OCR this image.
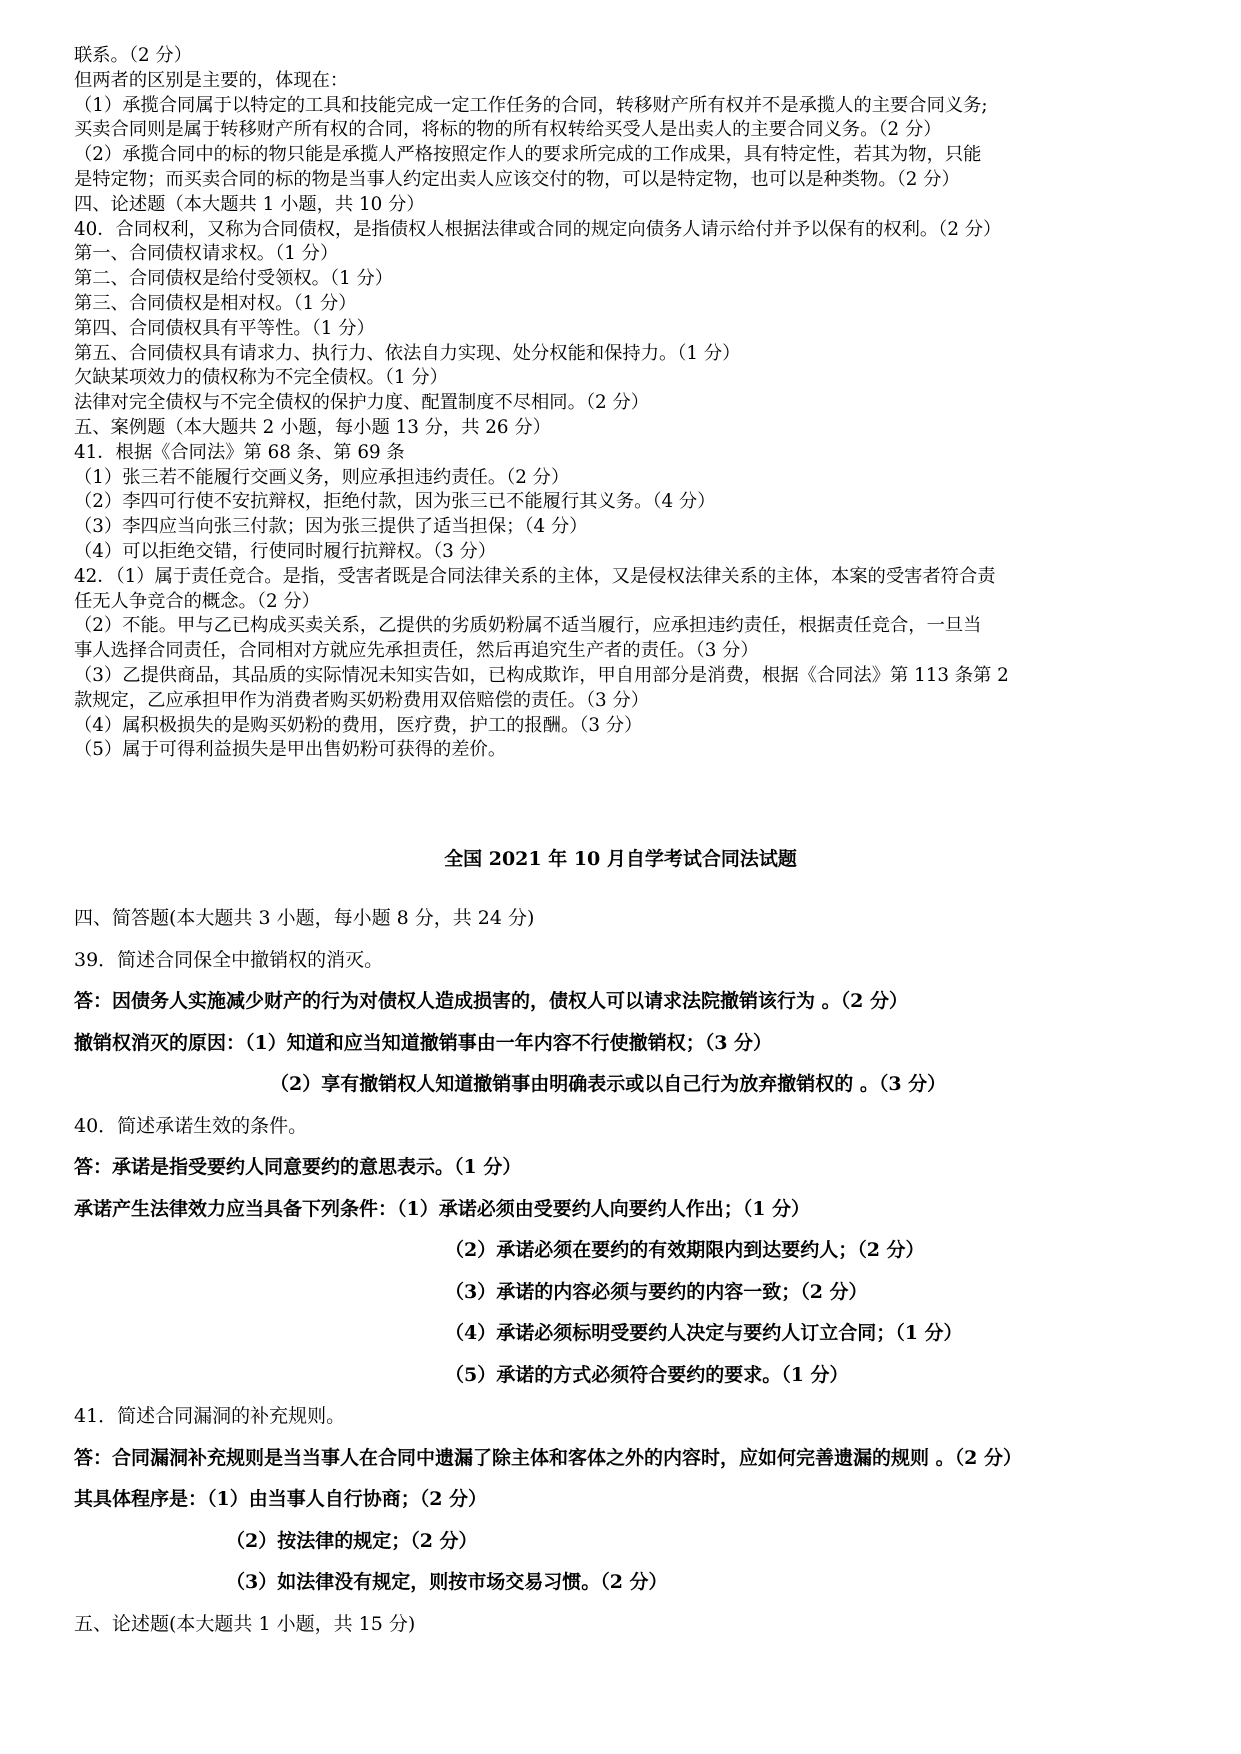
联系。（2 分）
但两者的区别是主要的，体现在：
（1）承揽合同属于以特定的工具和技能完成一定工作任务的合同，转移财产所有权并不是承揽人的主要合同义务;
买卖合同则是属于转移财产所有权的合同，将标的物的所有权转给买受人是出卖人的主要合同义务。（2 分）
（2）承揽合同中的标的物只能是承揽人严格按照定作人的要求所完成的工作成果，具有特定性，若其为物，只能
是特定物；而买卖合同的标的物是当事人约定出卖人应该交付的物，可以是特定物，也可以是种类物。（2 分）
四、论述题（本大题共 1 小题，共 10 分）
40．合同权利，又称为合同债权，是指债权人根据法律或合同的规定向债务人请示给付并予以保有的权利。（2 分）
第一、合同债权请求权。（1 分）
第二、合同债权是给付受领权。（1 分）
第三、合同债权是相对权。（1 分）
第四、合同债权具有平等性。（1 分）
第五、合同债权具有请求力、执行力、依法自力实现、处分权能和保持力。（1 分）
欠缺某项效力的债权称为不完全债权。（1 分）
法律对完全债权与不完全债权的保护力度、配置制度不尽相同。（2 分）
五、案例题（本大题共 2 小题，每小题 13 分，共 26 分）
41．根据《合同法》第 68 条、第 69 条
（1）张三若不能履行交画义务，则应承担违约责任。（2 分）
（2）李四可行使不安抗辩权，拒绝付款，因为张三已不能履行其义务。（4 分）
（3）李四应当向张三付款；因为张三提供了适当担保；（4 分）
（4）可以拒绝交错，行使同时履行抗辩权。（3 分）
42．（1）属于责任竞合。是指，受害者既是合同法律关系的主体，又是侵权法律关系的主体，本案的受害者符合责
任无人争竞合的概念。（2 分）
（2）不能。甲与乙已构成买卖关系，乙提供的劣质奶粉属不适当履行，应承担违约责任，根据责任竞合，一旦当
事人选择合同责任，合同相对方就应先承担责任，然后再追究生产者的责任。（3 分）
（3）乙提供商品，其品质的实际情况未知实告如，已构成欺诈，甲自用部分是消费，根据《合同法》第 113 条第 2
款规定，乙应承担甲作为消费者购买奶粉费用双倍赔偿的责任。（3 分）
（4）属积极损失的是购买奶粉的费用，医疗费，护工的报酬。（3 分）
（5）属于可得利益损失是甲出售奶粉可获得的差价。
全国 2021 年 10 月自学考试合同法试题
四、简答题(本大题共 3 小题，每小题 8 分，共 24 分)
39．简述合同保全中撤销权的消灭。
答：因债务人实施减少财产的行为对债权人造成损害的，债权人可以请求法院撤销该行为 。（2 分）
撤销权消灭的原因：（1）知道和应当知道撤销事由一年内容不行使撤销权；（3 分）
（2）享有撤销权人知道撤销事由明确表示或以自己行为放弃撤销权的 。（3 分）
40．简述承诺生效的条件。
答：承诺是指受要约人同意要约的意思表示。（1 分）
承诺产生法律效力应当具备下列条件：（1）承诺必须由受要约人向要约人作出；（1 分）
（2）承诺必须在要约的有效期限内到达要约人；（2 分）
（3）承诺的内容必须与要约的内容一致；（2 分）
（4）承诺必须标明受要约人决定与要约人订立合同；（1 分）
（5）承诺的方式必须符合要约的要求。（1 分）
41．简述合同漏洞的补充规则。
答：合同漏洞补充规则是当当事人在合同中遗漏了除主体和客体之外的内容时，应如何完善遗漏的规则 。（2 分）
其具体程序是：（1）由当事人自行协商；（2 分）
（2）按法律的规定；（2 分）
（3）如法律没有规定，则按市场交易习惯。（2 分）
五、论述题(本大题共 1 小题，共 15 分)
